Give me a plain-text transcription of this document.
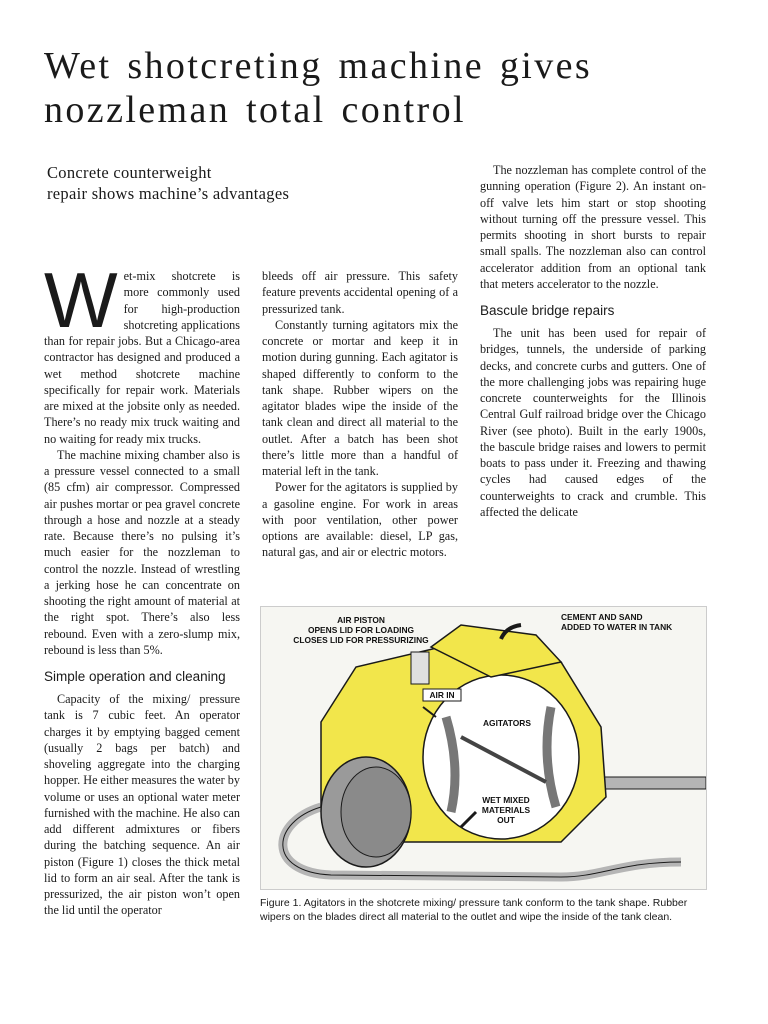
Wet shotcreting machine gives nozzleman total control
Concrete counterweight
repair shows machine’s advantages

Wet-mix shotcrete is more commonly used for high-production shotcreting applications than for repair jobs. But a Chicago-area contractor has designed and produced a wet method shotcrete machine specifically for repair work. Materials are mixed at the jobsite only as needed. There’s no ready mix truck waiting and no waiting for ready mix trucks.

The machine mixing chamber also is a pressure vessel connected to a small (85 cfm) air compressor. Compressed air pushes mortar or pea gravel concrete through a hose and nozzle at a steady rate. Because there’s no pulsing it’s much easier for the nozzleman to control the nozzle. Instead of wrestling a jerking hose he can concentrate on shooting the right amount of material at the right spot. There’s also less rebound. Even with a zero-slump mix, rebound is less than 5%.

Simple operation and cleaning

Capacity of the mixing/ pressure tank is 7 cubic feet. An operator charges it by emptying bagged cement (usually 2 bags per batch) and shoveling aggregate into the charging hopper. He either measures the water by volume or uses an optional water meter furnished with the machine. He also can add different admixtures or fibers during the batching sequence. An air piston (Figure 1) closes the thick metal lid to form an air seal. After the tank is pressurized, the air piston won’t open the lid until the operator

bleeds off air pressure. This safety feature prevents accidental opening of a pressurized tank.

Constantly turning agitators mix the concrete or mortar and keep it in motion during gunning. Each agitator is shaped differently to conform to the tank shape. Rubber wipers on the agitator blades wipe the inside of the tank clean and direct all material to the outlet. After a batch has been shot there’s little more than a handful of material left in the tank.

Power for the agitators is supplied by a gasoline engine. For work in areas with poor ventilation, other power options are available: diesel, LP gas, natural gas, and air or electric motors.

The nozzleman has complete control of the gunning operation (Figure 2). An instant on-off valve lets him start or stop shooting without turning off the pressure vessel. This permits shooting in short bursts to repair small spalls. The nozzleman also can control accelerator addition from an optional tank that meters accelerator to the nozzle.

Bascule bridge repairs

The unit has been used for repair of bridges, tunnels, the underside of parking decks, and concrete curbs and gutters. One of the more challenging jobs was repairing huge concrete counterweights for the Illinois Central Gulf railroad bridge over the Chicago River (see photo). Built in the early 1900s, the bascule bridge raises and lowers to permit boats to pass under it. Freezing and thawing cycles had caused edges of the counterweights to crack and crumble. This affected the delicate

AIR PISTON
OPENS LID FOR LOADING
CLOSES LID FOR PRESSURIZING
CEMENT AND SAND
ADDED TO WATER IN TANK
AIR IN
AGITATORS
WET MIXED
MATERIALS
OUT

Figure 1. Agitators in the shotcrete mixing/ pressure tank conform to the tank shape. Rubber wipers on the blades direct all material to the outlet and wipe the inside of the tank clean.
